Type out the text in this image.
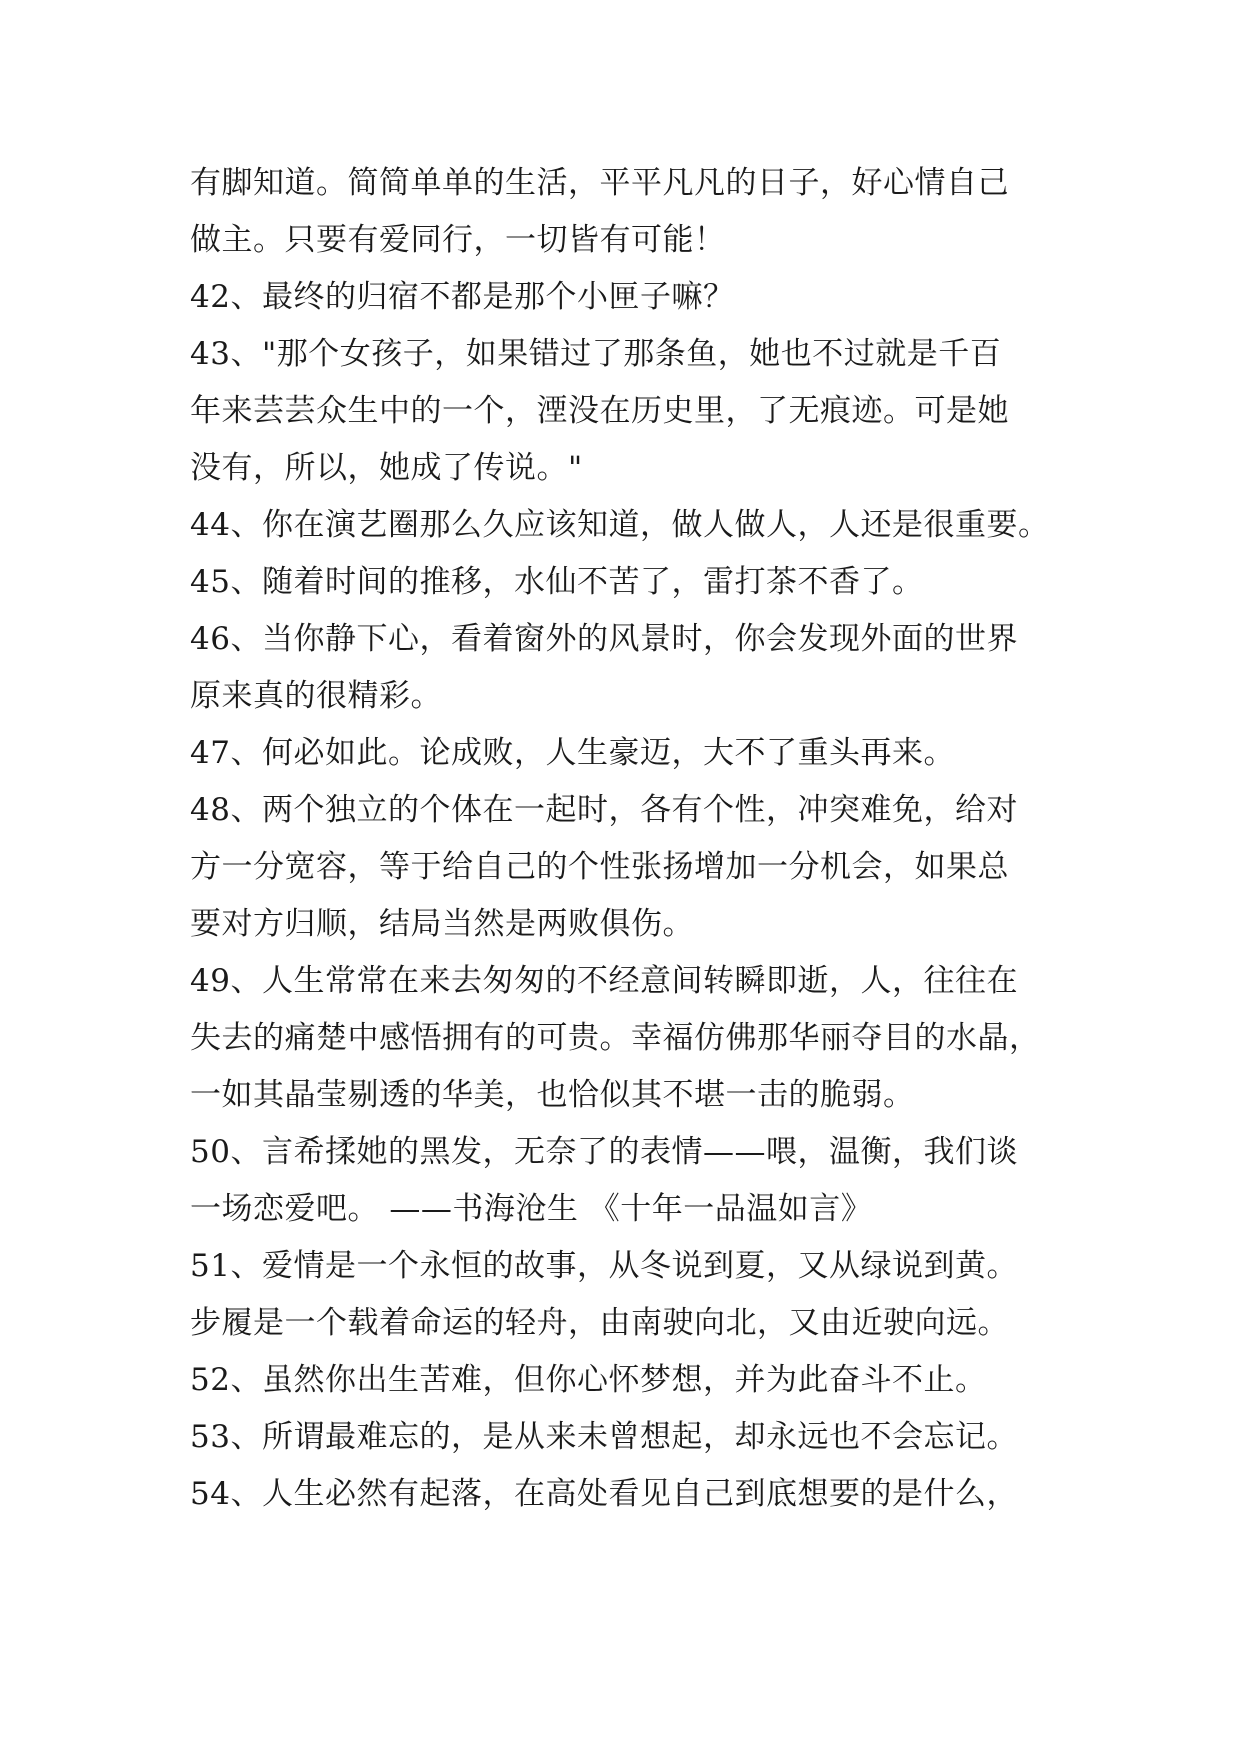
有脚知道。简简单单的生活，平平凡凡的日子，好心情自己
做主。只要有爱同行，一切皆有可能！
42、最终的归宿不都是那个小匣子嘛？
43、"那个女孩子，如果错过了那条鱼，她也不过就是千百
年来芸芸众生中的一个，湮没在历史里，了无痕迹。可是她
没有，所以，她成了传说。"
44、你在演艺圈那么久应该知道，做人做人，人还是很重要。
45、随着时间的推移，水仙不苦了，雷打茶不香了。
46、当你静下心，看着窗外的风景时，你会发现外面的世界
原来真的很精彩。
47、何必如此。论成败，人生豪迈，大不了重头再来。
48、两个独立的个体在一起时，各有个性，冲突难免，给对
方一分宽容，等于给自己的个性张扬增加一分机会，如果总
要对方归顺，结局当然是两败俱伤。
49、人生常常在来去匆匆的不经意间转瞬即逝，人，往往在
失去的痛楚中感悟拥有的可贵。幸福仿佛那华丽夺目的水晶，
一如其晶莹剔透的华美，也恰似其不堪一击的脆弱。
50、言希揉她的黑发，无奈了的表情——喂，温衡，我们谈
一场恋爱吧。 ——书海沧生 《十年一品温如言》
51、爱情是一个永恒的故事，从冬说到夏，又从绿说到黄。
步履是一个载着命运的轻舟，由南驶向北，又由近驶向远。
52、虽然你出生苦难，但你心怀梦想，并为此奋斗不止。
53、所谓最难忘的，是从来未曾想起，却永远也不会忘记。
54、人生必然有起落，在高处看见自己到底想要的是什么，
